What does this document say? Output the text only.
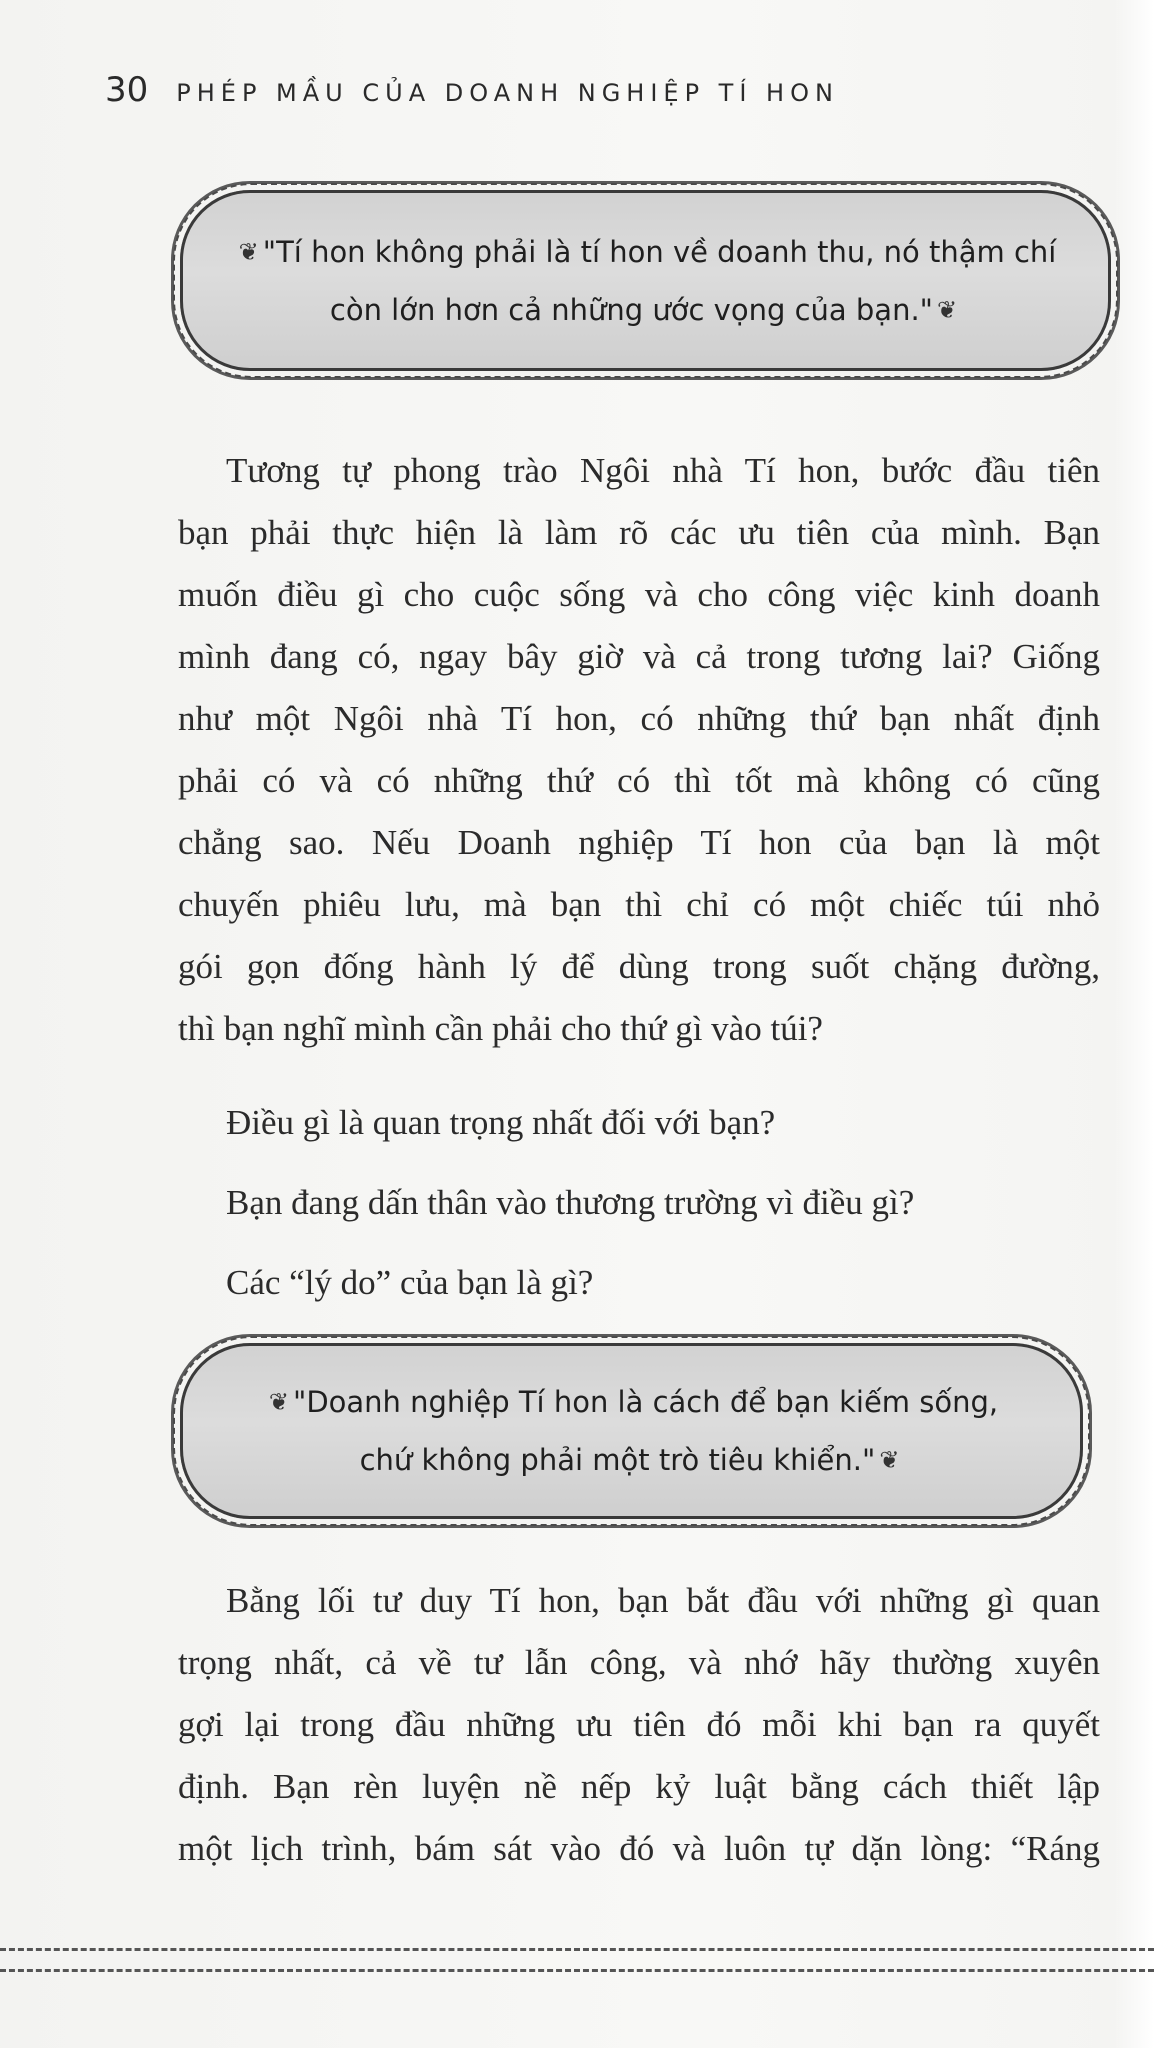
30 PHÉP MẦU CỦA DOANH NGHIỆP TÍ HON
❦ "Tí hon không phải là tí hon về doanh thu, nó thậm chí
còn lớn hơn cả những ước vọng của bạn." ❦
Tương tự phong trào Ngôi nhà Tí hon, bước đầu tiên
bạn phải thực hiện là làm rõ các ưu tiên của mình. Bạn
muốn điều gì cho cuộc sống và cho công việc kinh doanh
mình đang có, ngay bây giờ và cả trong tương lai? Giống
như một Ngôi nhà Tí hon, có những thứ bạn nhất định
phải có và có những thứ có thì tốt mà không có cũng
chẳng sao. Nếu Doanh nghiệp Tí hon của bạn là một
chuyến phiêu lưu, mà bạn thì chỉ có một chiếc túi nhỏ
gói gọn đống hành lý để dùng trong suốt chặng đường,
thì bạn nghĩ mình cần phải cho thứ gì vào túi?
Điều gì là quan trọng nhất đối với bạn?
Bạn đang dấn thân vào thương trường vì điều gì?
Các “lý do” của bạn là gì?
❦ "Doanh nghiệp Tí hon là cách để bạn kiếm sống,
chứ không phải một trò tiêu khiển." ❦
Bằng lối tư duy Tí hon, bạn bắt đầu với những gì quan
trọng nhất, cả về tư lẫn công, và nhớ hãy thường xuyên
gợi lại trong đầu những ưu tiên đó mỗi khi bạn ra quyết
định. Bạn rèn luyện nề nếp kỷ luật bằng cách thiết lập
một lịch trình, bám sát vào đó và luôn tự dặn lòng: “Ráng
